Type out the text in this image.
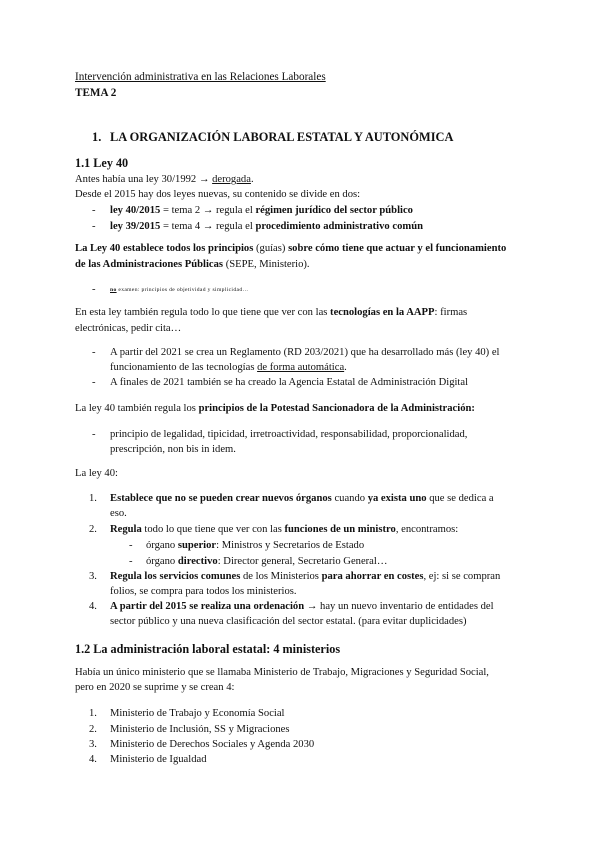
Intervención administrativa en las Relaciones Laborales
TEMA 2
1. LA ORGANIZACIÓN LABORAL ESTATAL Y AUTONÓMICA
1.1 Ley 40
Antes había una ley 30/1992 → derogada.
Desde el 2015 hay dos leyes nuevas, su contenido se divide en dos:
- ley 40/2015 = tema 2 → regula el régimen jurídico del sector público
- ley 39/2015 = tema 4 → regula el procedimiento administrativo común
La Ley 40 establece todos los principios (guías) sobre cómo tiene que actuar y el funcionamiento
de las Administraciones Públicas (SEPE, Ministerio).
-	no examen: principios de objetividad y simplicidad…
En esta ley también regula todo lo que tiene que ver con las tecnologías en la AAPP: firmas
electrónicas, pedir cita…
- A partir del 2021 se crea un Reglamento (RD 203/2021) que ha desarrollado más (ley 40) el
funcionamiento de las tecnologías de forma automática.
- A finales de 2021 también se ha creado la Agencia Estatal de Administración Digital
La ley 40 también regula los principios de la Potestad Sancionadora de la Administración:
- principio de legalidad, tipicidad, irretroactividad, responsabilidad, proporcionalidad,
prescripción, non bis in idem.
La ley 40:
1. Establece que no se pueden crear nuevos órganos cuando ya exista uno que se dedica a
eso.
2. Regula todo lo que tiene que ver con las funciones de un ministro, encontramos:
- órgano superior: Ministros y Secretarios de Estado
- órgano directivo: Director general, Secretario General…
3. Regula los servicios comunes de los Ministerios para ahorrar en costes, ej: si se compran
folios, se compra para todos los ministerios.
4. A partir del 2015 se realiza una ordenación → hay un nuevo inventario de entidades del
sector público y una nueva clasificación del sector estatal. (para evitar duplicidades)
1.2 La administración laboral estatal: 4 ministerios
Había un único ministerio que se llamaba Ministerio de Trabajo, Migraciones y Seguridad Social,
pero en 2020 se suprime y se crean 4:
1. Ministerio de Trabajo y Economía Social
2. Ministerio de Inclusión, SS y Migraciones
3. Ministerio de Derechos Sociales y Agenda 2030
4. Ministerio de Igualdad
